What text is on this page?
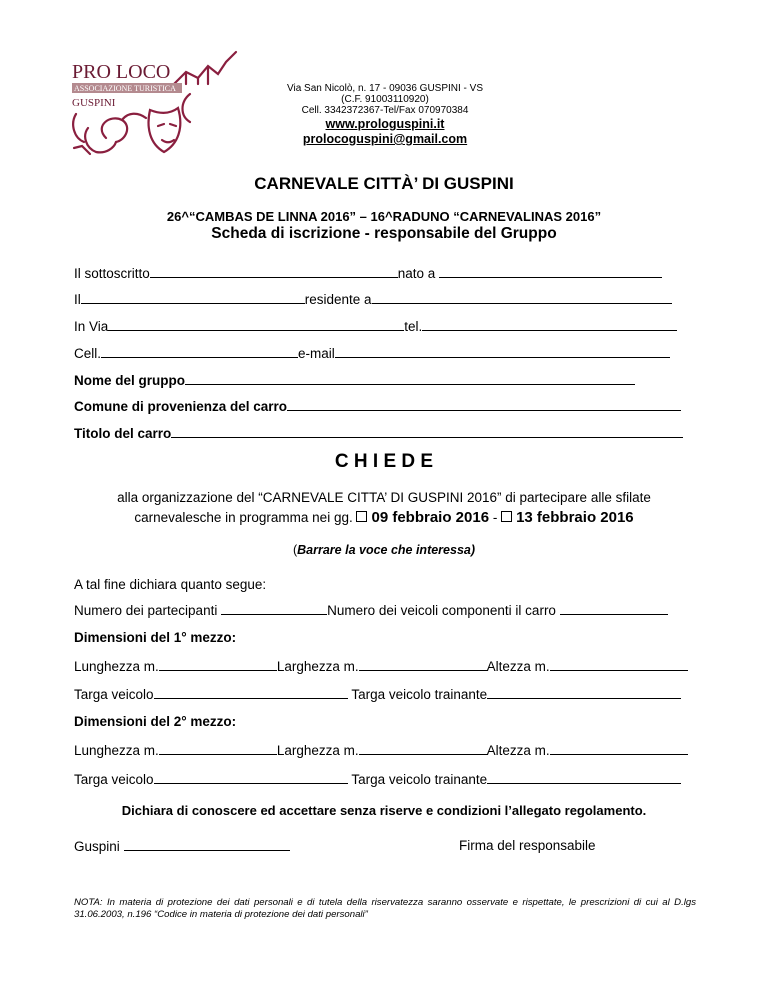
PRO LOCO
ASSOCIAZIONE TURISTICA
GUSPINI
Via San Nicolò, n. 17 - 09036 GUSPINI - VS
(C.F. 91003110920)
Cell. 3342372367-Tel/Fax 070970384
www.prologuspini.it
prolocoguspini@gmail.com
CARNEVALE CITTÀ’ DI GUSPINI
26^“CAMBAS DE LINNA 2016” – 16^RADUNO “CARNEVALINAS 2016”
Scheda di iscrizione - responsabile del Gruppo
Il sottoscritto	nato a
Il	residente a
In Via	tel.
Cell.	e-mail
Nome del gruppo
Comune di provenienza del carro
Titolo del carro
C H I E D E
alla organizzazione del “CARNEVALE CITTA’ DI GUSPINI 2016” di partecipare alle sfilate
carnevalesche in programma nei gg. 09 febbraio 2016 - 13 febbraio 2016
(Barrare la voce che interessa)
A tal fine dichiara quanto segue:
Numero dei partecipanti	Numero dei veicoli componenti il carro
Dimensioni del 1° mezzo:
Lunghezza m.	Larghezza m.	Altezza m.
Targa veicolo	Targa veicolo trainante
Dimensioni del 2° mezzo:
Lunghezza m.	Larghezza m.	Altezza m.
Targa veicolo	Targa veicolo trainante
Dichiara di conoscere ed accettare senza riserve e condizioni l’allegato regolamento.
Guspini	Firma del responsabile
NOTA: In materia di protezione dei dati personali e di tutela della riservatezza saranno osservate e rispettate, le prescrizioni di cui al D.lgs 31.06.2003, n.196 “Codice in materia di protezione dei dati personali”
